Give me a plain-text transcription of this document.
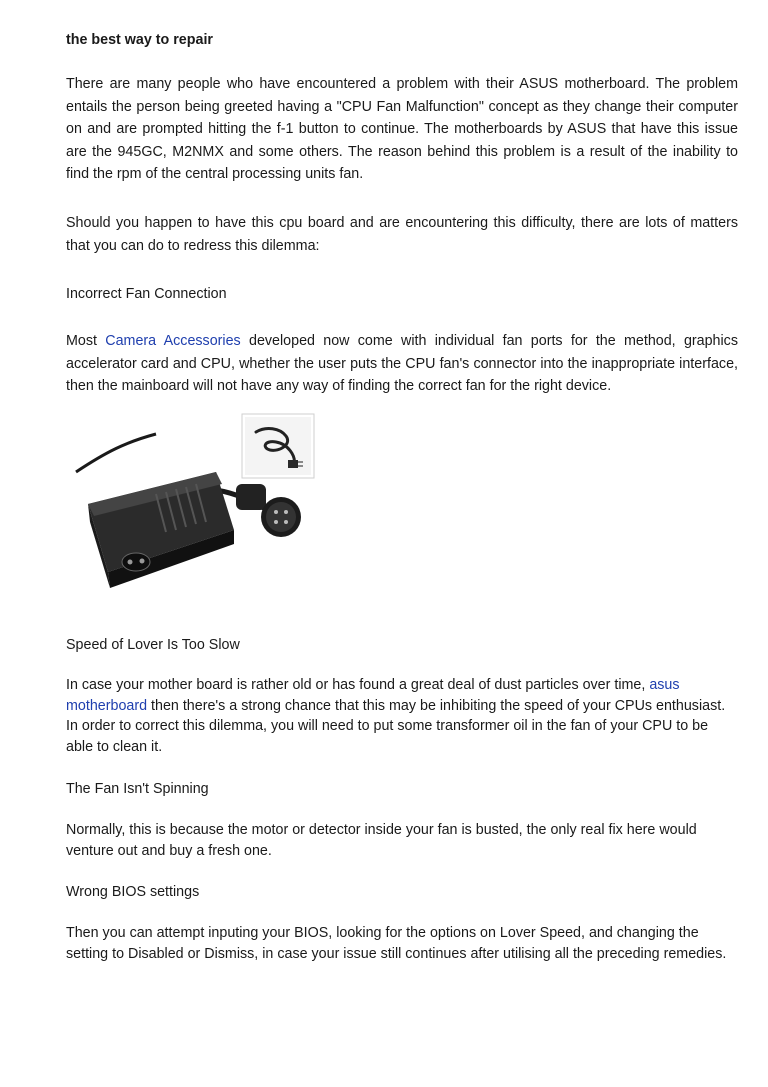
the best way to repair

There are many people who have encountered a problem with their ASUS motherboard. The problem entails the person being greeted having a "CPU Fan Malfunction" concept as they change their computer on and are prompted hitting the f-1 button to continue. The motherboards by ASUS that have this issue are the 945GC, M2NMX and some others. The reason behind this problem is a result of the inability to find the rpm of the central processing units fan.

Should you happen to have this cpu board and are encountering this difficulty, there are lots of matters that you can do to redress this dilemma:

Incorrect Fan Connection

Most Camera Accessories developed now come with individual fan ports for the method, graphics accelerator card and CPU, whether the user puts the CPU fan's connector into the inappropriate interface, then the mainboard will not have any way of finding the correct fan for the right device.

Speed of Lover Is Too Slow

In case your mother board is rather old or has found a great deal of dust particles over time, asus motherboard then there's a strong chance that this may be inhibiting the speed of your CPUs enthusiast. In order to correct this dilemma, you will need to put some transformer oil in the fan of your CPU to be able to clean it.

The Fan Isn't Spinning

Normally, this is because the motor or detector inside your fan is busted, the only real fix here would venture out and buy a fresh one.

Wrong BIOS settings

Then you can attempt inputing your BIOS, looking for the options on Lover Speed, and changing the setting to Disabled or Dismiss, in case your issue still continues after utilising all the preceding remedies.
